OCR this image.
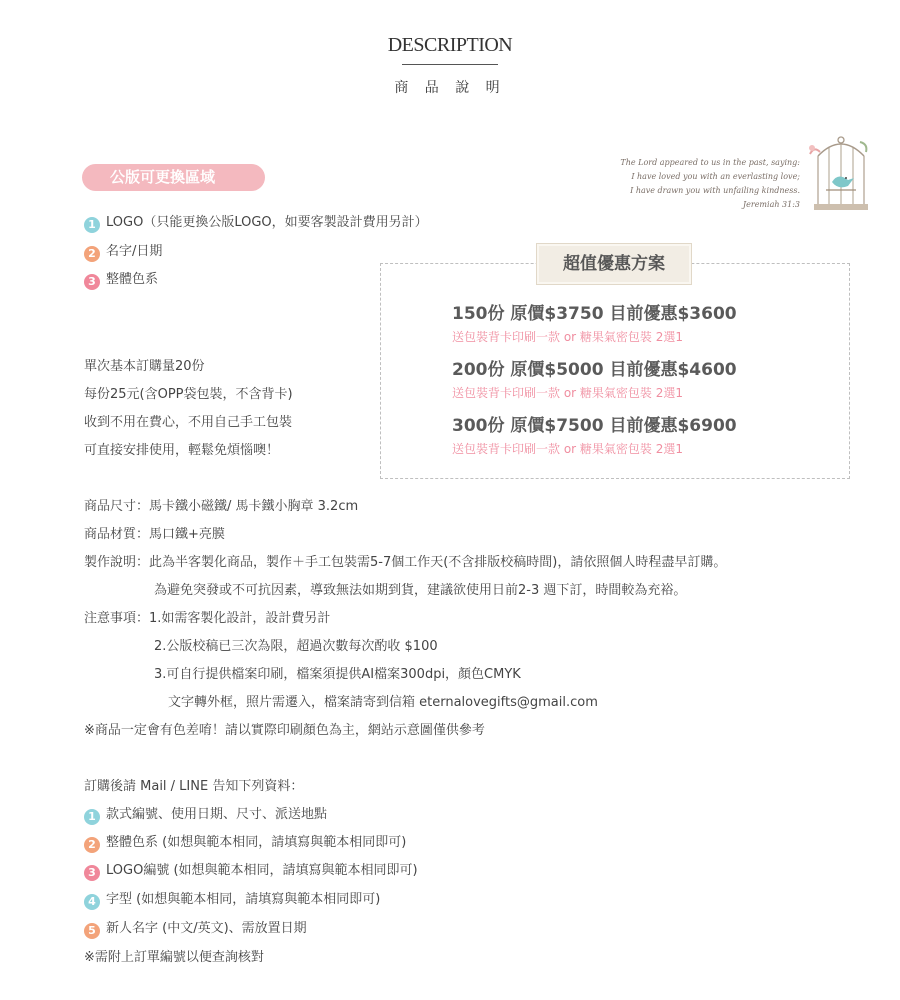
DESCRIPTION
商 品 說 明
公版可更換區域
1 LOGO（只能更換公版LOGO，如要客製設計費用另計）
2 名字/日期
3 整體色系
The Lord appeared to us in the past, saying:
I have loved you with an everlasting love;
I have drawn you with unfailing kindness.
Jeremiah 31:3
單次基本訂購量20份
每份25元(含OPP袋包裝，不含背卡)
收到不用在費心，不用自己手工包裝
可直接安排使用，輕鬆免煩惱噢！
超值優惠方案
150份 原價$3750 目前優惠$3600
送包裝背卡印刷一款 or 糖果氣密包裝 2選1
200份 原價$5000 目前優惠$4600
送包裝背卡印刷一款 or 糖果氣密包裝 2選1
300份 原價$7500 目前優惠$6900
送包裝背卡印刷一款 or 糖果氣密包裝 2選1
商品尺寸：馬卡鐵小磁鐵/ 馬卡鐵小胸章 3.2cm
商品材質：馬口鐵+亮膜
製作說明：此為半客製化商品，製作＋手工包裝需5-7個工作天(不含排版校稿時間)，請依照個人時程盡早訂購。
為避免突發或不可抗因素，導致無法如期到貨，建議欲使用日前2-3 週下訂，時間較為充裕。
注意事項：1.如需客製化設計，設計費另計
2.公版校稿已三次為限，超過次數每次酌收 $100
3.可自行提供檔案印刷，檔案須提供AI檔案300dpi，顏色CMYK
文字轉外框，照片需遷入，檔案請寄到信箱 eternalovegifts@gmail.com
※商品一定會有色差唷！請以實際印刷顏色為主，網站示意圖僅供參考
訂購後請 Mail / LINE 告知下列資料：
1 款式編號、使用日期、尺寸、派送地點
2 整體色系 (如想與範本相同，請填寫與範本相同即可)
3 LOGO編號 (如想與範本相同，請填寫與範本相同即可)
4 字型 (如想與範本相同，請填寫與範本相同即可)
5 新人名字 (中文/英文)、需放置日期
※需附上訂單編號以便查詢核對
